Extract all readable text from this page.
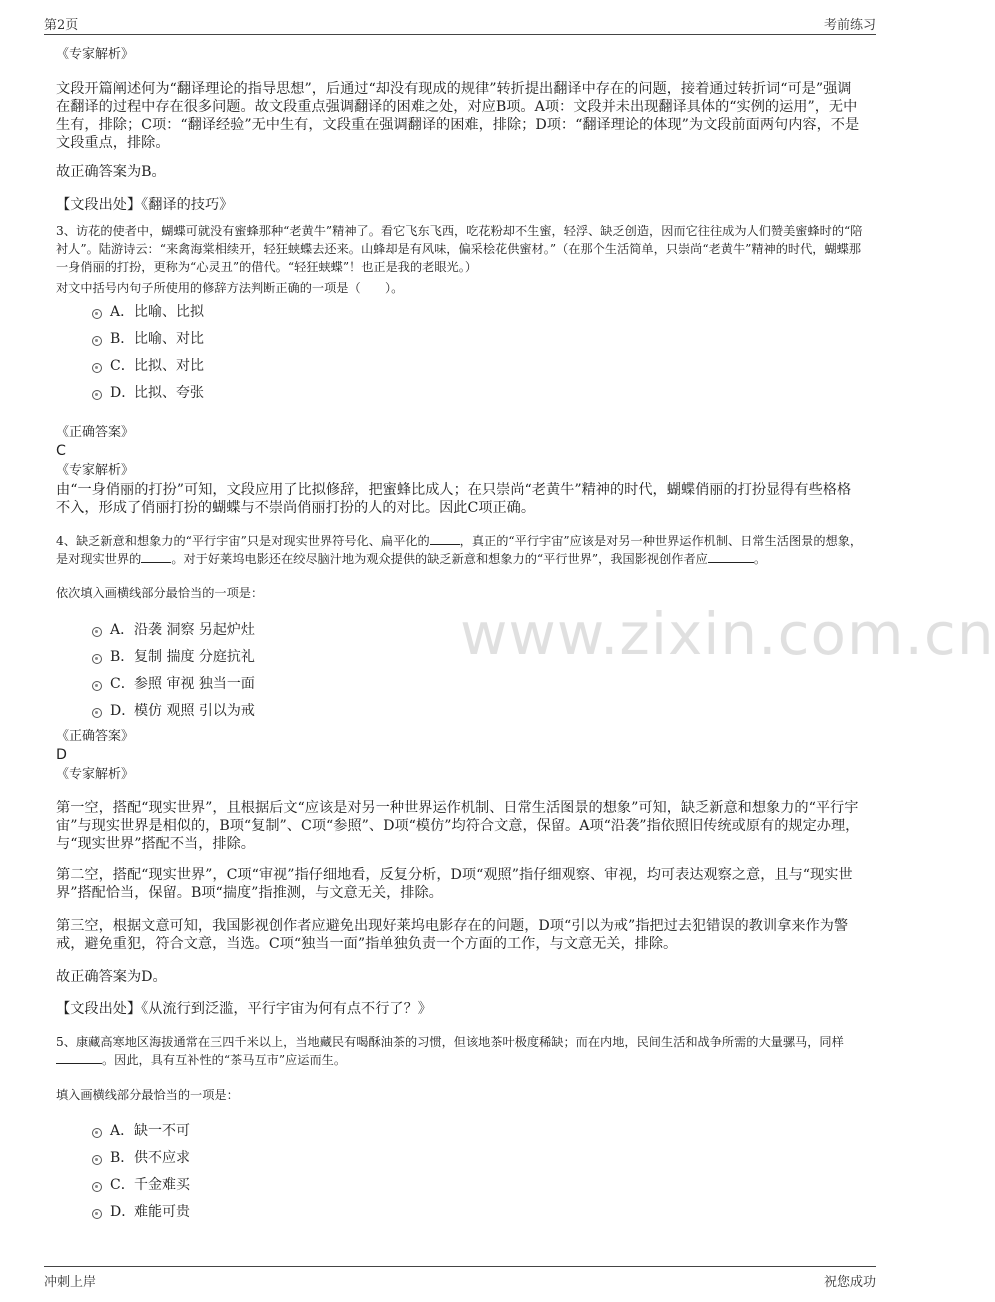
第2页	考前练习
www.zixin.com.cn

《专家解析》

文段开篇阐述何为“翻译理论的指导思想”，后通过“却没有现成的规律”转折提出翻译中存在的问题，接着通过转折词“可是”强调在翻译的过程中存在很多问题。故文段重点强调翻译的困难之处，对应B项。A项：文段并未出现翻译具体的“实例的运用”，无中生有，排除；C项：“翻译经验”无中生有，文段重在强调翻译的困难，排除；D项：“翻译理论的体现”为文段前面两句内容，不是文段重点，排除。

故正确答案为B。

【文段出处】《翻译的技巧》

3、访花的使者中，蝴蝶可就没有蜜蜂那种“老黄牛”精神了。看它飞东飞西，吃花粉却不生蜜，轻浮、缺乏创造，因而它往往成为人们赞美蜜蜂时的“陪衬人”。陆游诗云：“来禽海棠相续开，轻狂蛱蝶去还来。山蜂却是有风味，偏采桧花供蜜材。”（在那个生活简单，只崇尚“老黄牛”精神的时代，蝴蝶那一身俏丽的打扮，更称为“心灵丑”的借代。“轻狂蛱蝶”！也正是我的老眼光。）

对文中括号内句子所使用的修辞方法判断正确的一项是（　　）。

A． 比喻、比拟
B． 比喻、对比
C． 比拟、对比
D．
比拟、夸张

《正确答案》

C

《专家解析》

由“一身俏丽的打扮”可知，文段应用了比拟修辞，把蜜蜂比成人；在只崇尚“老黄牛”精神的时代，蝴蝶俏丽的打扮显得有些格格不入，形成了俏丽打扮的蝴蝶与不崇尚俏丽打扮的人的对比。因此C项正确。

4、缺乏新意和想象力的“平行宇宙”只是对现实世界符号化、扁平化的 ，真正的“平行宇宙”应该是对另一种世界运作机制、日常生活图景的想象，是对现实世界的 。对于好莱坞电影还在绞尽脑汁地为观众提供的缺乏新意和想象力的“平行世界”，我国影视创作者应	。

依次填入画横线部分最恰当的一项是：

A． 沿袭 洞察 另起炉灶
B． 复制 揣度 分庭抗礼
C． 参照 审视 独当一面
D．
模仿 观照 引以为戒

《正确答案》

D

《专家解析》

第一空，搭配“现实世界”，且根据后文“应该是对另一种世界运作机制、日常生活图景的想象”可知，缺乏新意和想象力的“平行宇宙”与现实世界是相似的，B项“复制”、C项“参照”、D项“模仿”均符合文意，保留。A项“沿袭”指依照旧传统或原有的规定办理，与“现实世界”搭配不当，排除。

第二空，搭配“现实世界”，C项“审视”指仔细地看，反复分析，D项“观照”指仔细观察、审视，均可表达观察之意，且与“现实世界”搭配恰当，保留。B项“揣度”指推测，与文意无关，排除。

第三空，根据文意可知，我国影视创作者应避免出现好莱坞电影存在的问题，D项“引以为戒”指把过去犯错误的教训拿来作为警戒，避免重犯，符合文意，当选。C项“独当一面”指单独负责一个方面的工作，与文意无关，排除。

故正确答案为D。

【文段出处】《从流行到泛滥，平行宇宙为何有点不行了？》

5、康藏高寒地区海拔通常在三四千米以上，当地藏民有喝酥油茶的习惯，但该地茶叶极度稀缺；而在内地，民间生活和战争所需的大量骡马，同样。因此，具有互补性的“茶马互市”应运而生。

填入画横线部分最恰当的一项是：

A． 缺一不可
B． 供不应求
C． 千金难买
D．
难能可贵
冲刺上岸	祝您成功
